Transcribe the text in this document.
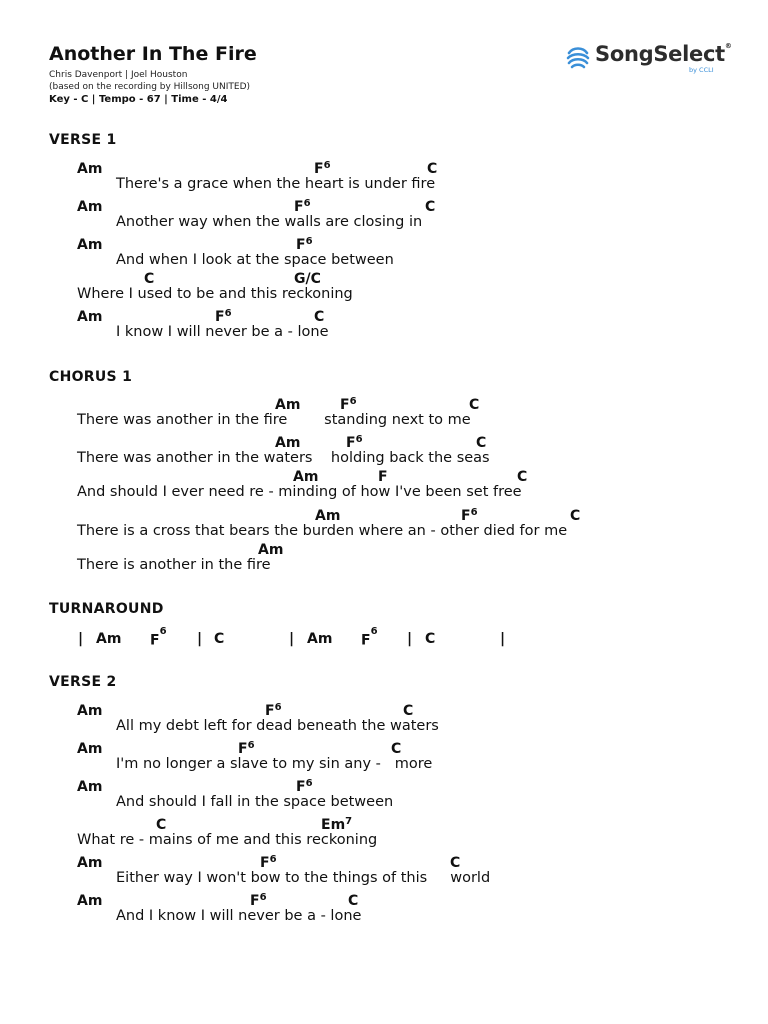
Another In The Fire
Chris Davenport | Joel Houston
(based on the recording by Hillsong UNITED)
Key - C | Tempo - 67 | Time - 4/4

SongSelect®

by CCLI

VERSE 1
Am	$F^6$	C
There's a grace when the heart is under fire
Am	$F^6$	C
Another way when the walls are closing in
Am	$F^6$
And when I look at the space between
C	G/C
Where I used to be and this reckoning
Am	$F^6$	C
I know I will never be a - lone
CHORUS 1
Am	$F^6$	C
There was another in the fire        standing next to me
Am	$F^6$	C
There was another in the waters    holding back the seas
Am	F	C
And should I ever need re - minding of how I've been set free
Am	$F^6$	C
There is a cross that bears the burden where an - other died for me
Am
There is another in the fire
TURNAROUND
| Am $F^6$ | C	| Am $F^6$ | C	|
VERSE 2
Am	$F^6$	C
All my debt left for dead beneath the waters
Am	$F^6$	C
I'm no longer a slave to my sin any -   more
Am	$F^6$
And should I fall in the space between
C	Em$^7$
What re - mains of me and this reckoning
Am	$F^6$	C
Either way I won't bow to the things of this     world
Am	$F^6$	C
And I know I will never be a - lone
